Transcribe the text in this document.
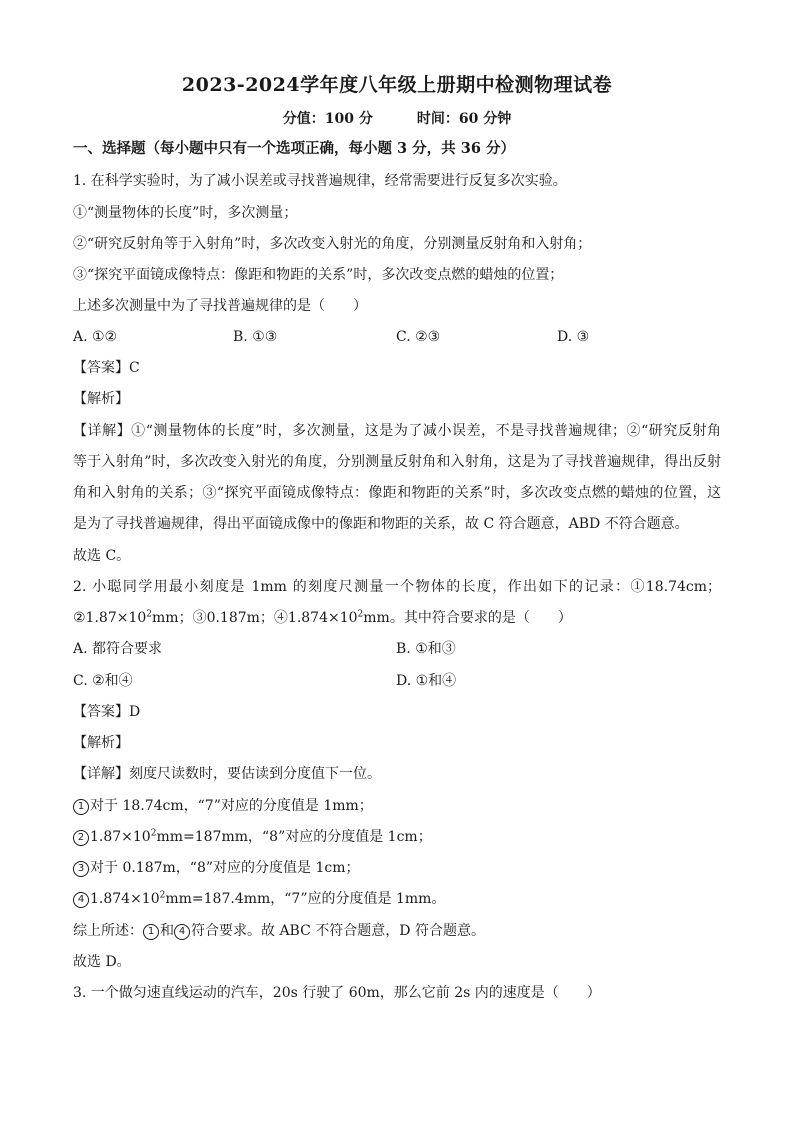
2023-2024学年度八年级上册期中检测物理试卷
分值：100 分	时间：60 分钟
一、选择题（每小题中只有一个选项正确，每小题 3 分，共 36 分）
1. 在科学实验时，为了减小误差或寻找普遍规律，经常需要进行反复多次实验。
①“测量物体的长度”时，多次测量；
②“研究反射角等于入射角”时，多次改变入射光的角度，分别测量反射角和入射角；
③“探究平面镜成像特点：像距和物距的关系”时，多次改变点燃的蜡烛的位置；
上述多次测量中为了寻找普遍规律的是（　　）
A. ①②	B. ①③	C. ②③	D. ③
【答案】C
【解析】
【详解】①“测量物体的长度”时，多次测量，这是为了减小误差，不是寻找普遍规律；②“研究反射角
等于入射角”时，多次改变入射光的角度，分别测量反射角和入射角，这是为了寻找普遍规律，得出反射
角和入射角的关系；③“探究平面镜成像特点：像距和物距的关系”时，多次改变点燃的蜡烛的位置，这
是为了寻找普遍规律，得出平面镜成像中的像距和物距的关系，故 C 符合题意，ABD 不符合题意。
故选 C。
2. 小聪同学用最小刻度是 1mm 的刻度尺测量一个物体的长度，作出如下的记录：①18.74cm；
$②1.87\times 10^2mm$；③0.187m；$④1.874\times 10^2mm$。其中符合要求的是（　　）
A. 都符合要求	B. ①和③
C. ②和④	D. ①和④
【答案】D
【解析】
【详解】刻度尺读数时，要估读到分度值下一位。
1 对于 18.74cm，“7”对应的分度值是 1mm；
2 $1.87\times 10^2mm=187mm$，“8”对应的分度值是 1cm；
3 对于 0.187m，“8”对应的分度值是 1cm；
4 $1.874\times 10^2mm=187.4mm$，“7”应的分度值是 1mm。
综上所述： 1 和 4 符合要求。故 ABC 不符合题意，D 符合题意。
故选 D。
3. 一个做匀速直线运动的汽车，20s 行驶了 60m，那么它前 2s 内的速度是（　　）
